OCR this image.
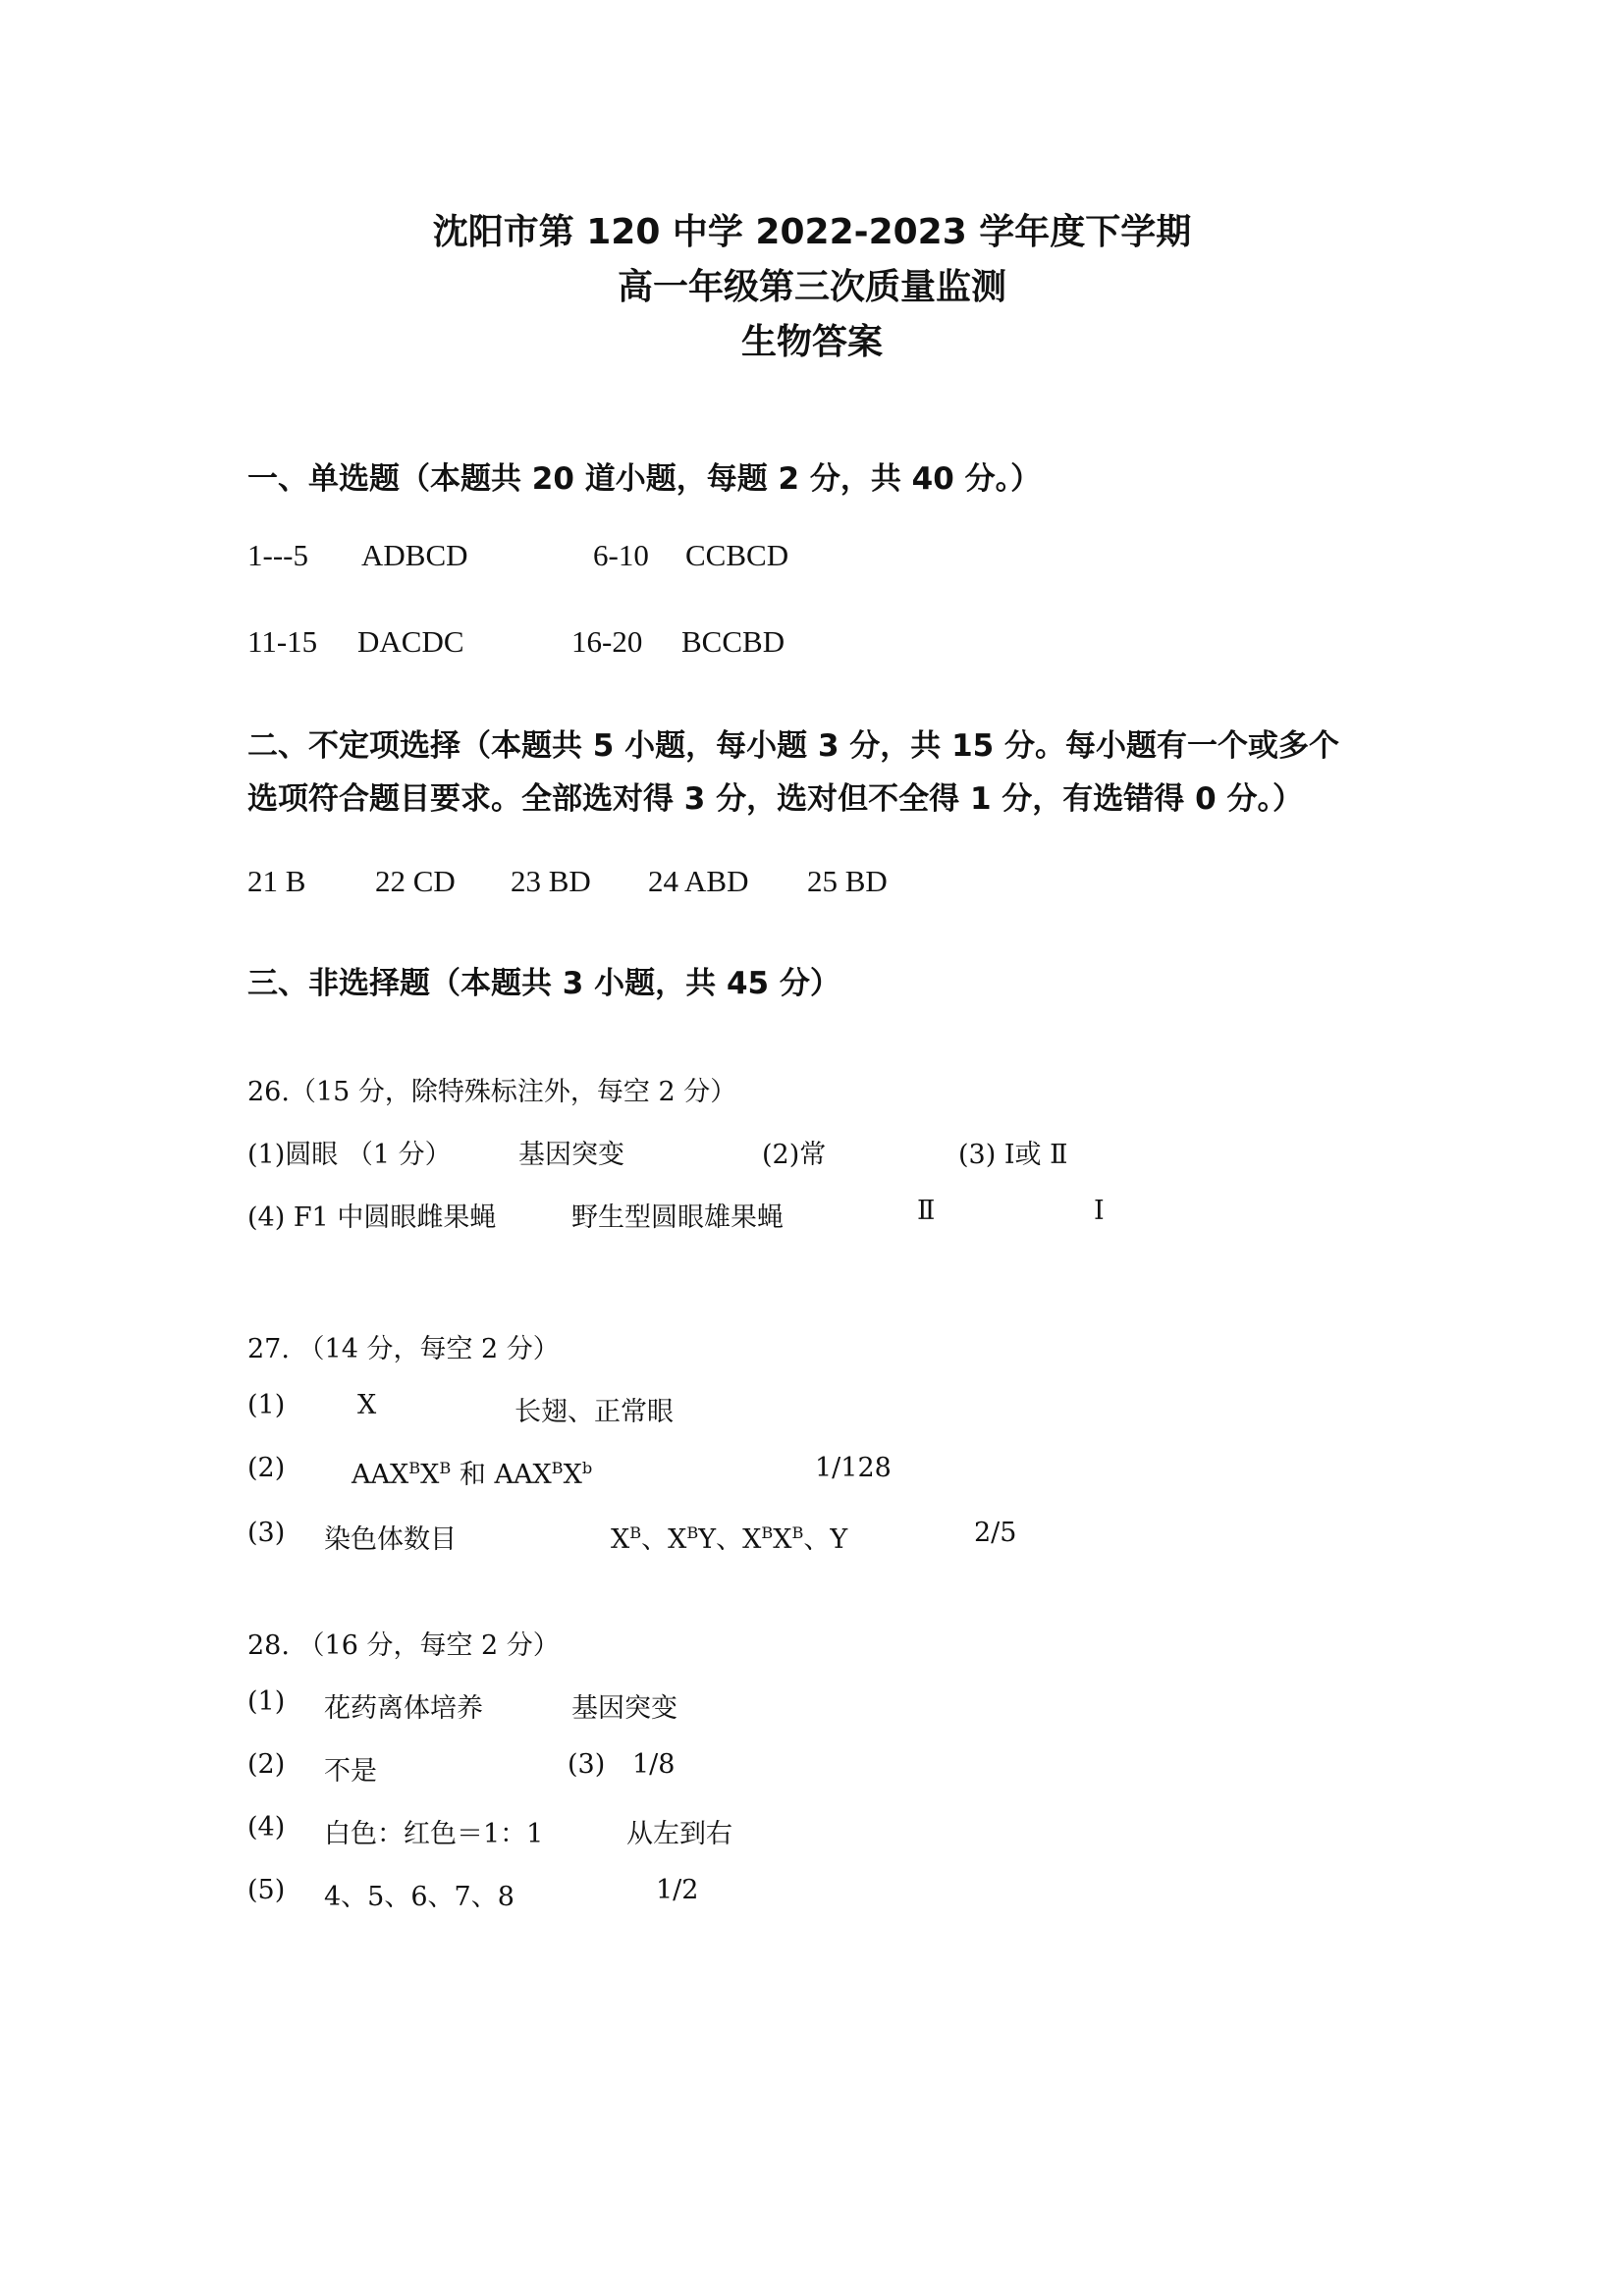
沈阳市第 120 中学 2022-2023 学年度下学期
高一年级第三次质量监测
生物答案
一、单选题（本题共 20 道小题，每题 2 分，共 40 分。）
1---5 ADBCD	6-10 CCBCD
11-15 DACDC	16-20 BCCBD
二、不定项选择（本题共 5 小题，每小题 3 分，共 15 分。每小题有一个或多个
选项符合题目要求。全部选对得 3 分，选对但不全得 1 分，有选错得 0 分。）
21 B 22 CD 23 BD 24 ABD 25 BD
三、非选择题（本题共 3 小题，共 45 分）
26.（15 分，除特殊标注外，每空 2 分）
(1)圆眼 （1 分）	基因突变	(2)常	(3) Ⅰ或 Ⅱ
(4) F1 中圆眼雌果蝇	野生型圆眼雄果蝇	Ⅱ	Ⅰ
27. （14 分，每空 2 分）
(1)	X	长翅、正常眼
(2)	$AAX^BX^B$ 和 $AAX^BX^b$	1/128
(3) 染色体数目	$X^B$、$X^BY$、$X^BX^B$、Y	2/5
28. （16 分，每空 2 分）
(1) 花药离体培养	基因突变
(2) 不是	(3) 1/8
(4) 白色：红色＝1：1	从左到右
(5) 4、5、6、7、8	1/2
